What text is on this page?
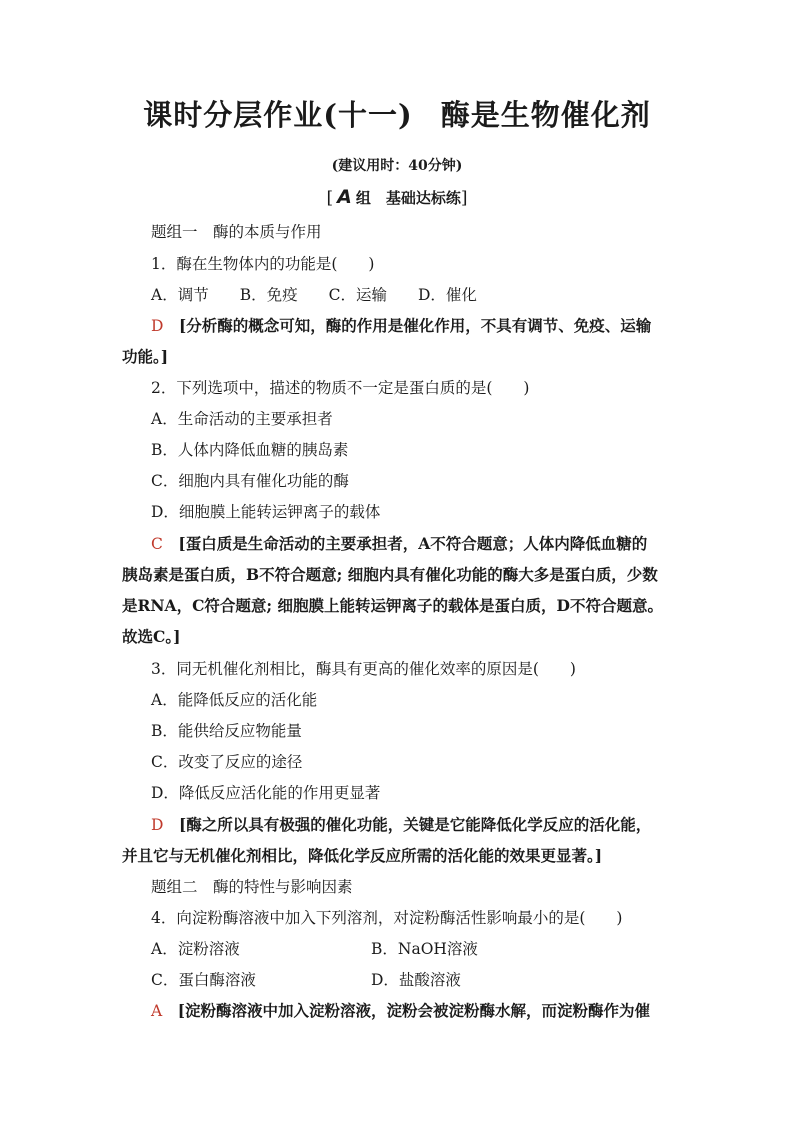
课时分层作业(十一) 酶是生物催化剂
(建议用时：40分钟)
[ A 组　基础达标练]
题组一　酶的本质与作用
1．酶在生物体内的功能是(　　)
A．调节　　B．免疫　　C．运输　　D．催化
D　 [分析酶的概念可知，酶的作用是催化作用，不具有调节、免疫、运输
功能。]
2．下列选项中，描述的物质不一定是蛋白质的是(　　)
A．生命活动的主要承担者
B．人体内降低血糖的胰岛素
C．细胞内具有催化功能的酶
D．细胞膜上能转运钾离子的载体
C　 [蛋白质是生命活动的主要承担者，A不符合题意；人体内降低血糖的
胰岛素是蛋白质，B不符合题意; 细胞内具有催化功能的酶大多是蛋白质，少数
是RNA，C符合题意; 细胞膜上能转运钾离子的载体是蛋白质，D不符合题意。
故选C。]
3．同无机催化剂相比，酶具有更高的催化效率的原因是(　　)
A．能降低反应的活化能
B．能供给反应物能量
C．改变了反应的途径
D．降低反应活化能的作用更显著
D　 [酶之所以具有极强的催化功能，关键是它能降低化学反应的活化能，
并且它与无机催化剂相比，降低化学反应所需的活化能的效果更显著。]
题组二　酶的特性与影响因素
4．向淀粉酶溶液中加入下列溶剂，对淀粉酶活性影响最小的是(　　)
A．淀粉溶液	B．NaOH溶液
C．蛋白酶溶液	D．盐酸溶液
A　 [淀粉酶溶液中加入淀粉溶液，淀粉会被淀粉酶水解，而淀粉酶作为催
